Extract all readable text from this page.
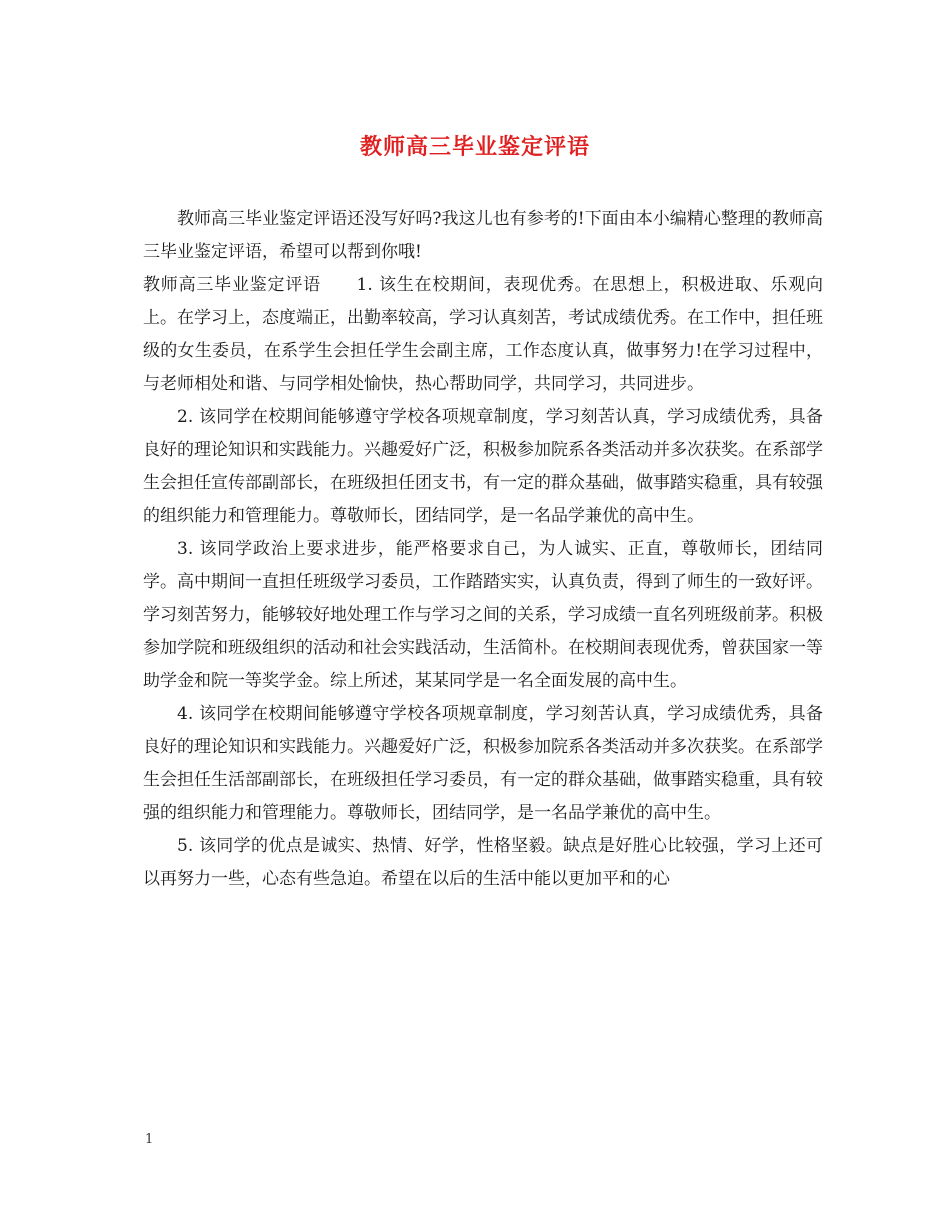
教师高三毕业鉴定评语

教师高三毕业鉴定评语还没写好吗?我这儿也有参考的!下面由本小编精心整理的教师高三毕业鉴定评语，希望可以帮到你哦!

教师高三毕业鉴定评语　　1. 该生在校期间，表现优秀。在思想上，积极进取、乐观向上。在学习上，态度端正，出勤率较高，学习认真刻苦，考试成绩优秀。在工作中，担任班级的女生委员，在系学生会担任学生会副主席，工作态度认真，做事努力!在学习过程中，与老师相处和谐、与同学相处愉快，热心帮助同学，共同学习，共同进步。

2. 该同学在校期间能够遵守学校各项规章制度，学习刻苦认真，学习成绩优秀，具备良好的理论知识和实践能力。兴趣爱好广泛，积极参加院系各类活动并多次获奖。在系部学生会担任宣传部副部长，在班级担任团支书，有一定的群众基础，做事踏实稳重，具有较强的组织能力和管理能力。尊敬师长，团结同学，是一名品学兼优的高中生。

3. 该同学政治上要求进步，能严格要求自己，为人诚实、正直，尊敬师长，团结同学。高中期间一直担任班级学习委员，工作踏踏实实，认真负责，得到了师生的一致好评。学习刻苦努力，能够较好地处理工作与学习之间的关系，学习成绩一直名列班级前茅。积极参加学院和班级组织的活动和社会实践活动，生活简朴。在校期间表现优秀，曾获国家一等助学金和院一等奖学金。综上所述，某某同学是一名全面发展的高中生。

4. 该同学在校期间能够遵守学校各项规章制度，学习刻苦认真，学习成绩优秀，具备良好的理论知识和实践能力。兴趣爱好广泛，积极参加院系各类活动并多次获奖。在系部学生会担任生活部副部长，在班级担任学习委员，有一定的群众基础，做事踏实稳重，具有较强的组织能力和管理能力。尊敬师长，团结同学，是一名品学兼优的高中生。

5. 该同学的优点是诚实、热情、好学，性格坚毅。缺点是好胜心比较强，学习上还可以再努力一些，心态有些急迫。希望在以后的生活中能以更加平和的心

1
